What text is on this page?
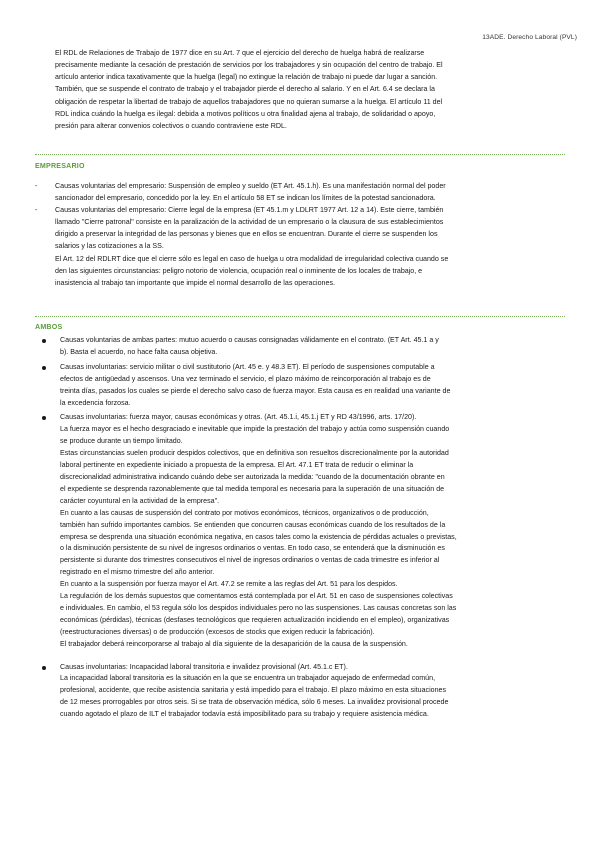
13ADE. Derecho Laboral (PVL)

El RDL de Relaciones de Trabajo de 1977 dice en su Art. 7 que el ejercicio del derecho de huelga habrá de realizarse

precisamente mediante la cesación de prestación de servicios por los trabajadores y sin ocupación del centro de trabajo. El

artículo anterior indica taxativamente que la huelga (legal) no extingue la relación de trabajo ni puede dar lugar a sanción.

También, que se suspende el contrato de trabajo y el trabajador pierde el derecho al salario. Y en el Art. 6.4 se declara la

obligación de respetar la libertad de trabajo de aquellos trabajadores que no quieran sumarse a la huelga. El artículo 11 del

RDL indica cuándo la huelga es ilegal: debida a motivos políticos u otra finalidad ajena al trabajo, de solidaridad o apoyo,

presión para alterar convenios colectivos o cuando contraviene este RDL.

EMPRESARIO
- Causas voluntarias del empresario: Suspensión de empleo y sueldo (ET Art. 45.1.h). Es una manifestación normal del poder

sancionador del empresario, concedido por la ley. En el artículo 58 ET se indican los límites de la potestad sancionadora.

- Causas voluntarias del empresario: Cierre legal de la empresa (ET 45.1.m y LDLRT 1977 Art. 12 a 14). Este cierre, también

llamado "Cierre patronal" consiste en la paralización de la actividad de un empresario o la clausura de sus establecimientos

dirigido a preservar la integridad de las personas y bienes que en ellos se encuentran. Durante el cierre se suspenden los

salarios y las cotizaciones a la SS.

El Art. 12 del RDLRT dice que el cierre sólo es legal en caso de huelga u otra modalidad de irregularidad colectiva cuando se

den las siguientes circunstancias: peligro notorio de violencia, ocupación real o inminente de los locales de trabajo, e

inasistencia al trabajo tan importante que impide el normal desarrollo de las operaciones.

AMBOS

Causas voluntarias de ambas partes: mutuo acuerdo o causas consignadas válidamente en el contrato. (ET Art. 45.1 a y

b). Basta el acuerdo, no hace falta causa objetiva.

Causas involuntarias: servicio militar o civil sustitutorio (Art. 45 e. y 48.3 ET). El período de suspensiones computable a

efectos de antigüedad y ascensos. Una vez terminado el servicio, el plazo máximo de reincorporación al trabajo es de

treinta días, pasados los cuales se pierde el derecho salvo caso de fuerza mayor. Esta causa es en realidad una variante de

la excedencia forzosa.

Causas involuntarias: fuerza mayor, causas económicas y otras. (Art. 45.1.i, 45.1.j ET y RD 43/1996, arts. 17/20).

La fuerza mayor es el hecho desgraciado e inevitable que impide la prestación del trabajo y actúa como suspensión cuando

se produce durante un tiempo limitado.

Estas circunstancias suelen producir despidos colectivos, que en definitiva son resueltos discrecionalmente por la autoridad

laboral pertinente en expediente iniciado a propuesta de la empresa. El Art. 47.1 ET trata de reducir o eliminar la

discrecionalidad administrativa indicando cuándo debe ser autorizada la medida: "cuando de la documentación obrante en

el expediente se desprenda razonablemente que tal medida temporal es necesaria para la superación de una situación de

carácter coyuntural en la actividad de la empresa".

En cuanto a las causas de suspensión del contrato por motivos económicos, técnicos, organizativos o de producción,

también han sufrido importantes cambios. Se entienden que concurren causas económicas cuando de los resultados de la

empresa se desprenda una situación económica negativa, en casos tales como la existencia de pérdidas actuales o previstas,

o la disminución persistente de su nivel de ingresos ordinarios o ventas. En todo caso, se entenderá que la disminución es

persistente si durante dos trimestres consecutivos el nivel de ingresos ordinarios o ventas de cada trimestre es inferior al

registrado en el mismo trimestre del año anterior.

En cuanto a la suspensión por fuerza mayor el Art. 47.2 se remite a las reglas del Art. 51 para los despidos.

La regulación de los demás supuestos que comentamos está contemplada por el Art. 51 en caso de suspensiones colectivas

e individuales. En cambio, el 53 regula sólo los despidos individuales pero no las suspensiones. Las causas concretas son las

económicas (pérdidas), técnicas (desfases tecnológicos que requieren actualización incidiendo en el empleo), organizativas

(reestructuraciones diversas) o de producción (excesos de stocks que exigen reducir la fabricación).

El trabajador deberá reincorporarse al trabajo al día siguiente de la desaparición de la causa de la suspensión.

Causas involuntarias: Incapacidad laboral transitoria e invalidez provisional (Art. 45.1.c ET).

La incapacidad laboral transitoria es la situación en la que se encuentra un trabajador aquejado de enfermedad común,

profesional, accidente, que recibe asistencia sanitaria y está impedido para el trabajo. El plazo máximo en esta situaciones

de 12 meses prorrogables por otros seis. Si se trata de observación médica, sólo 6 meses. La invalidez provisional procede

cuando agotado el plazo de ILT el trabajador todavía está imposibilitado para su trabajo y requiere asistencia médica.
